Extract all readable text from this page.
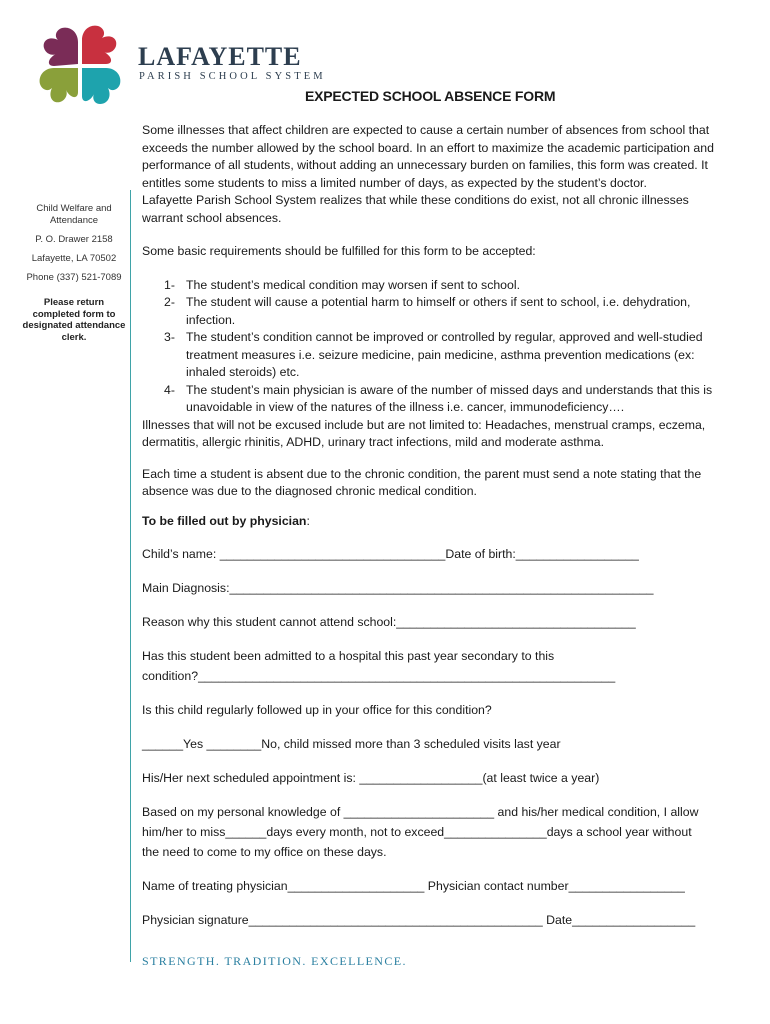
LAFAYETTE
PARISH SCHOOL SYSTEM
EXPECTED SCHOOL ABSENCE FORM
Child Welfare and Attendance
P. O. Drawer 2158
Lafayette, LA 70502
Phone (337) 521-7089
Please return completed form to designated attendance clerk.

Some illnesses that affect children are expected to cause a certain number of absences from school that exceeds the number allowed by the school board. In an effort to maximize the academic participation and performance of all students, without adding an unnecessary burden on families, this form was created. It entitles some students to miss a limited number of days, as expected by the student’s doctor.

Lafayette Parish School System realizes that while these conditions do exist, not all chronic illnesses warrant school absences.

Some basic requirements should be fulfilled for this form to be accepted:

1- The student’s medical condition may worsen if sent to school.
2- The student will cause a potential harm to himself or others if sent to school, i.e. dehydration, infection.
3- The student’s condition cannot be improved or controlled by regular, approved and well-studied treatment measures i.e. seizure medicine, pain medicine, asthma prevention medications (ex: inhaled steroids) etc.
4- The student’s main physician is aware of the number of missed days and understands that this is unavoidable in view of the natures of the illness i.e. cancer, immunodeficiency….

Illnesses that will not be excused include but are not limited to: Headaches, menstrual cramps, eczema, dermatitis, allergic rhinitis, ADHD, urinary tract infections, mild and moderate asthma.

Each time a student is absent due to the chronic condition, the parent must send a note stating that the absence was due to the diagnosed chronic medical condition.

To be filled out by physician:

Child’s name: _________________________________Date of birth:__________________
Main Diagnosis:______________________________________________________________
Reason why this student cannot attend school:___________________________________
Has this student been admitted to a hospital this past year secondary to this
condition?_____________________________________________________________
Is this child regularly followed up in your office for this condition?
______Yes ________No, child missed more than 3 scheduled visits last year
His/Her next scheduled appointment is: __________________(at least twice a year)
Based on my personal knowledge of ______________________ and his/her medical condition, I allow
him/her to miss______days every month, not to exceed_______________days a school year without
the need to come to my office on these days.
Name of treating physician____________________ Physician contact number_________________
Physician signature___________________________________________ Date__________________
STRENGTH. TRADITION. EXCELLENCE.
